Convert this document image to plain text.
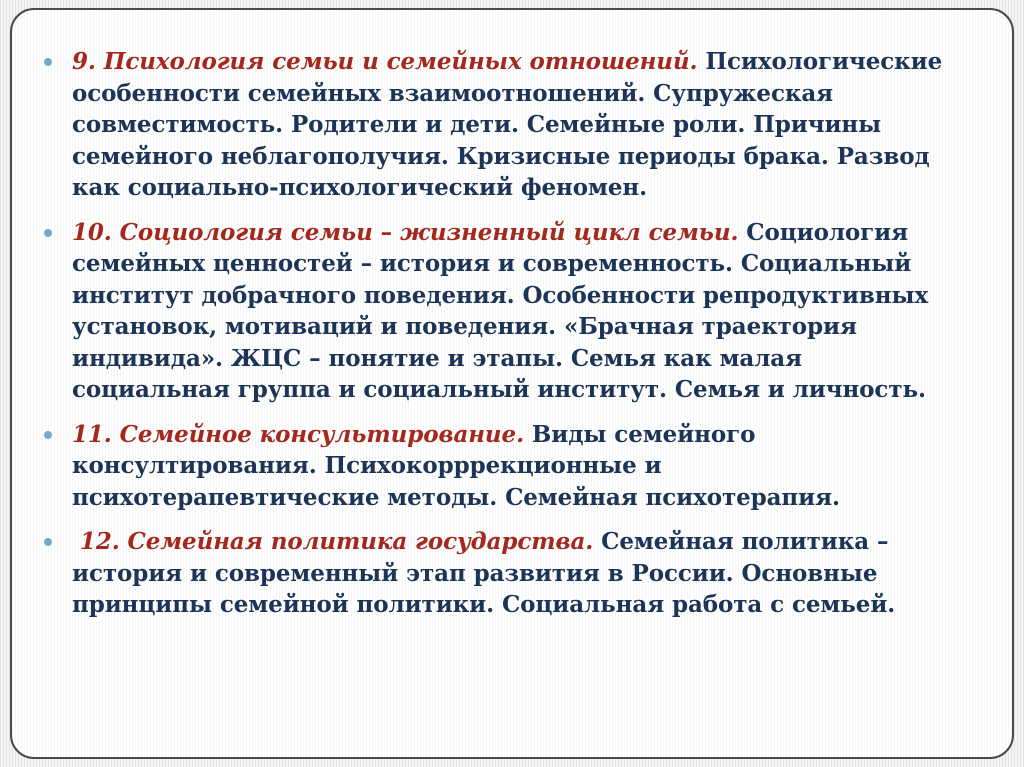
9. Психология семьи и семейных отношений. Психологические особенности семейных взаимоотношений. Супружеская совместимость. Родители и дети. Семейные роли. Причины семейного неблагополучия. Кризисные периоды брака. Развод как социально-психологический феномен.

10. Социология семьи – жизненный цикл семьи. Социология семейных ценностей – история и современность. Социальный институт добрачного поведения. Особенности репродуктивных установок, мотиваций и поведения. «Брачная траектория индивида». ЖЦС – понятие и этапы. Семья как малая социальная группа и социальный институт. Семья и личность.

11. Семейное консультирование. Виды семейного консултирования. Психокорррекционные и психотерапевтические методы. Семейная психотерапия.

12. Семейная политика государства. Семейная политика – история и современный этап развития в России. Основные принципы семейной политики. Социальная работа с семьей.
